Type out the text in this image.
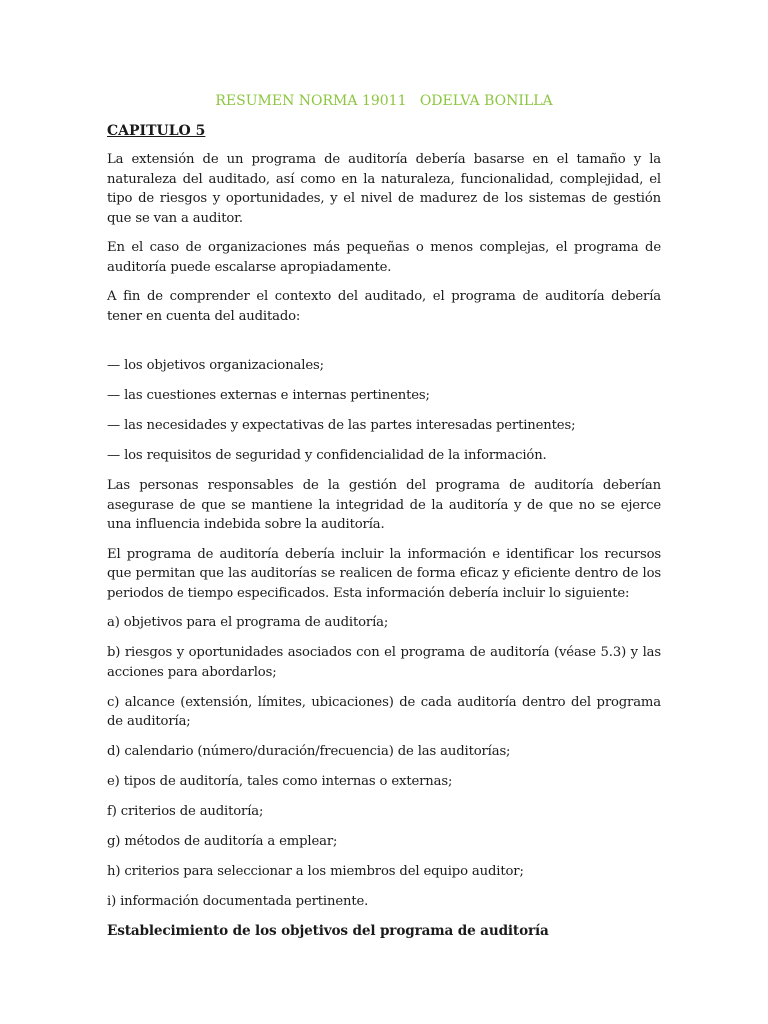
RESUMEN NORMA 19011   ODELVA BONILLA
CAPITULO 5

La extensión de un programa de auditoría debería basarse en el tamaño y la naturaleza del auditado, así como en la naturaleza, funcionalidad, complejidad, el tipo de riesgos y oportunidades, y el nivel de madurez de los sistemas de gestión que se van a auditor.

En el caso de organizaciones más pequeñas o menos complejas, el programa de auditoría puede escalarse apropiadamente.

A fin de comprender el contexto del auditado, el programa de auditoría debería tener en cuenta del auditado:

— los objetivos organizacionales;
— las cuestiones externas e internas pertinentes;
— las necesidades y expectativas de las partes interesadas pertinentes;
— los requisitos de seguridad y confidencialidad de la información.

Las personas responsables de la gestión del programa de auditoría deberían asegurase de que se mantiene la integridad de la auditoría y de que no se ejerce una influencia indebida sobre la auditoría.

El programa de auditoría debería incluir la información e identificar los recursos que permitan que las auditorías se realicen de forma eficaz y eficiente dentro de los periodos de tiempo especificados. Esta información debería incluir lo siguiente:

a) objetivos para el programa de auditoría;
b) riesgos y oportunidades asociados con el programa de auditoría (véase 5.3) y las acciones para abordarlos;
c) alcance (extensión, límites, ubicaciones) de cada auditoría dentro del programa de auditoría;
d) calendario (número/duración/frecuencia) de las auditorías;
e) tipos de auditoría, tales como internas o externas;
f) criterios de auditoría;
g) métodos de auditoría a emplear;
h) criterios para seleccionar a los miembros del equipo auditor;
i) información documentada pertinente.
Establecimiento de los objetivos del programa de auditoría
